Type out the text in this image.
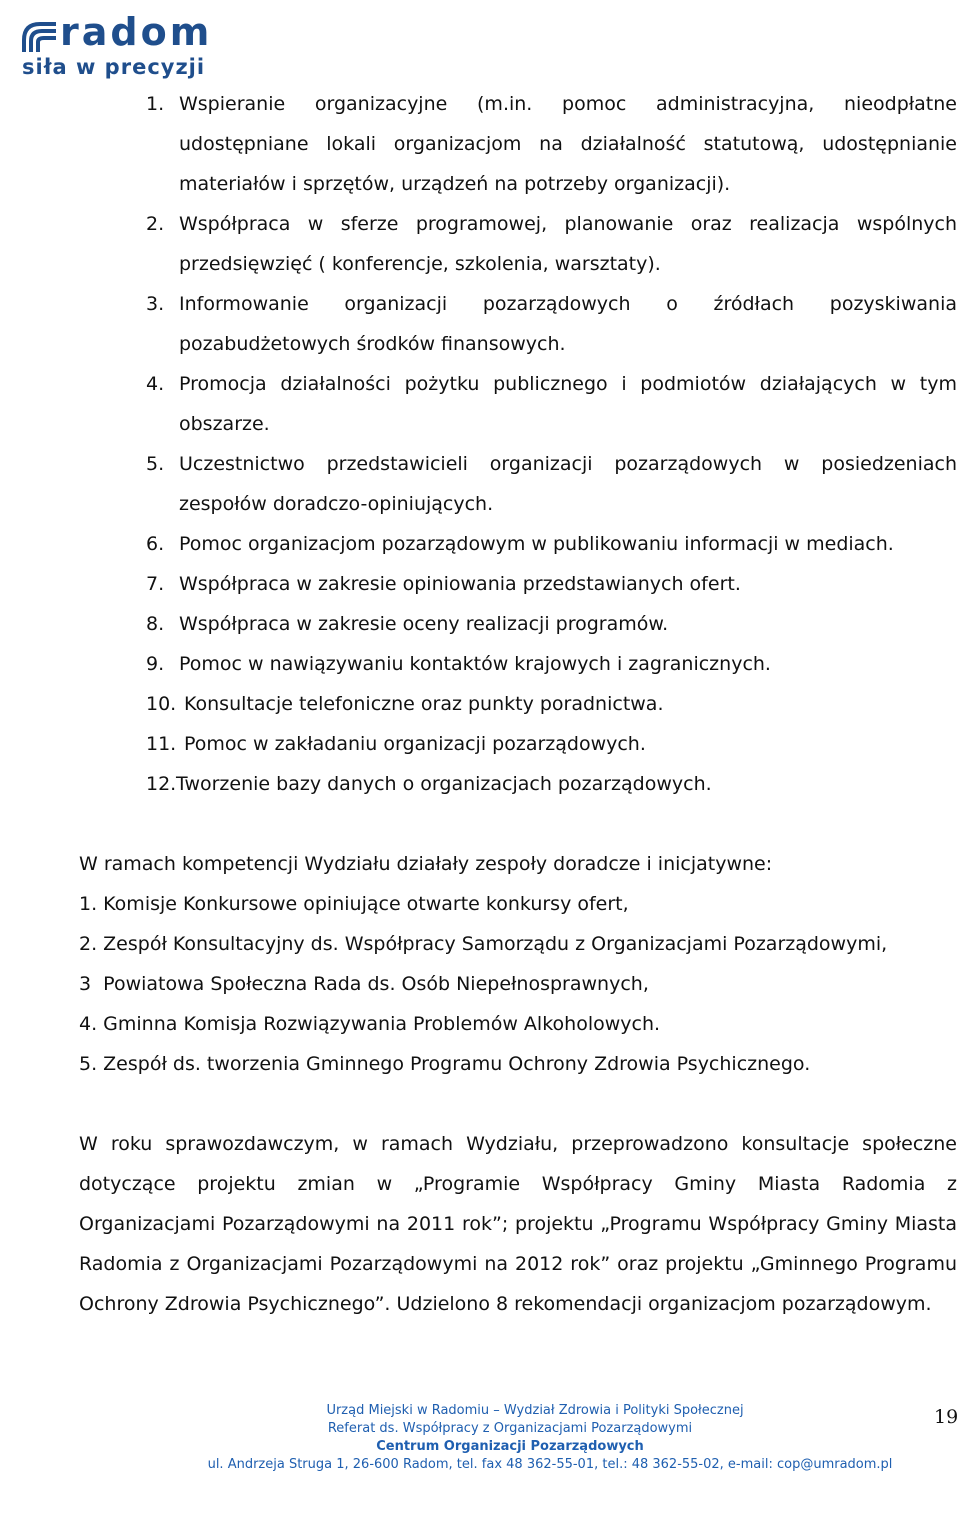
radom
siła w precyzji
1. Wspieranie organizacyjne (m.in. pomoc administracyjna, nieodpłatne udostępniane lokali organizacjom na działalność statutową, udostępnianie materiałów i sprzętów, urządzeń na potrzeby organizacji).
2. Współpraca w sferze programowej, planowanie oraz realizacja wspólnych przedsięwzięć ( konferencje, szkolenia, warsztaty).
3. Informowanie organizacji pozarządowych o źródłach pozyskiwania pozabudżetowych środków finansowych.
4. Promocja działalności pożytku publicznego i podmiotów działających w tym obszarze.
5. Uczestnictwo przedstawicieli organizacji pozarządowych w posiedzeniach zespołów doradczo-opiniujących.
6. Pomoc organizacjom pozarządowym w publikowaniu informacji w mediach.
7. Współpraca w zakresie opiniowania przedstawianych ofert.
8. Współpraca w zakresie oceny realizacji programów.
9. Pomoc w nawiązywaniu kontaktów krajowych i zagranicznych.
10. Konsultacje telefoniczne oraz punkty poradnictwa.
11. Pomoc w zakładaniu organizacji pozarządowych.
12. Tworzenie bazy danych o organizacjach pozarządowych.
W ramach kompetencji Wydziału działały zespoły doradcze i inicjatywne:
1. Komisje Konkursowe opiniujące otwarte konkursy ofert,
2. Zespół Konsultacyjny ds. Współpracy Samorządu z Organizacjami Pozarządowymi,
3  Powiatowa Społeczna Rada ds. Osób Niepełnosprawnych,
4. Gminna Komisja Rozwiązywania Problemów Alkoholowych.
5. Zespół ds. tworzenia Gminnego Programu Ochrony Zdrowia Psychicznego.
W roku sprawozdawczym, w ramach Wydziału, przeprowadzono konsultacje społeczne dotyczące projektu zmian w „Programie Współpracy Gminy Miasta Radomia z Organizacjami Pozarządowymi na 2011 rok”; projektu „Programu Współpracy Gminy Miasta Radomia z Organizacjami Pozarządowymi na 2012 rok” oraz projektu „Gminnego Programu Ochrony Zdrowia Psychicznego”. Udzielono 8 rekomendacji organizacjom pozarządowym.
Urząd Miejski w Radomiu – Wydział Zdrowia i Polityki Społecznej
Referat ds. Współpracy z Organizacjami Pozarządowymi
Centrum Organizacji Pozarządowych
ul. Andrzeja Struga 1, 26-600 Radom, tel. fax 48 362-55-01, tel.: 48 362-55-02, e-mail: cop@umradom.pl
19
